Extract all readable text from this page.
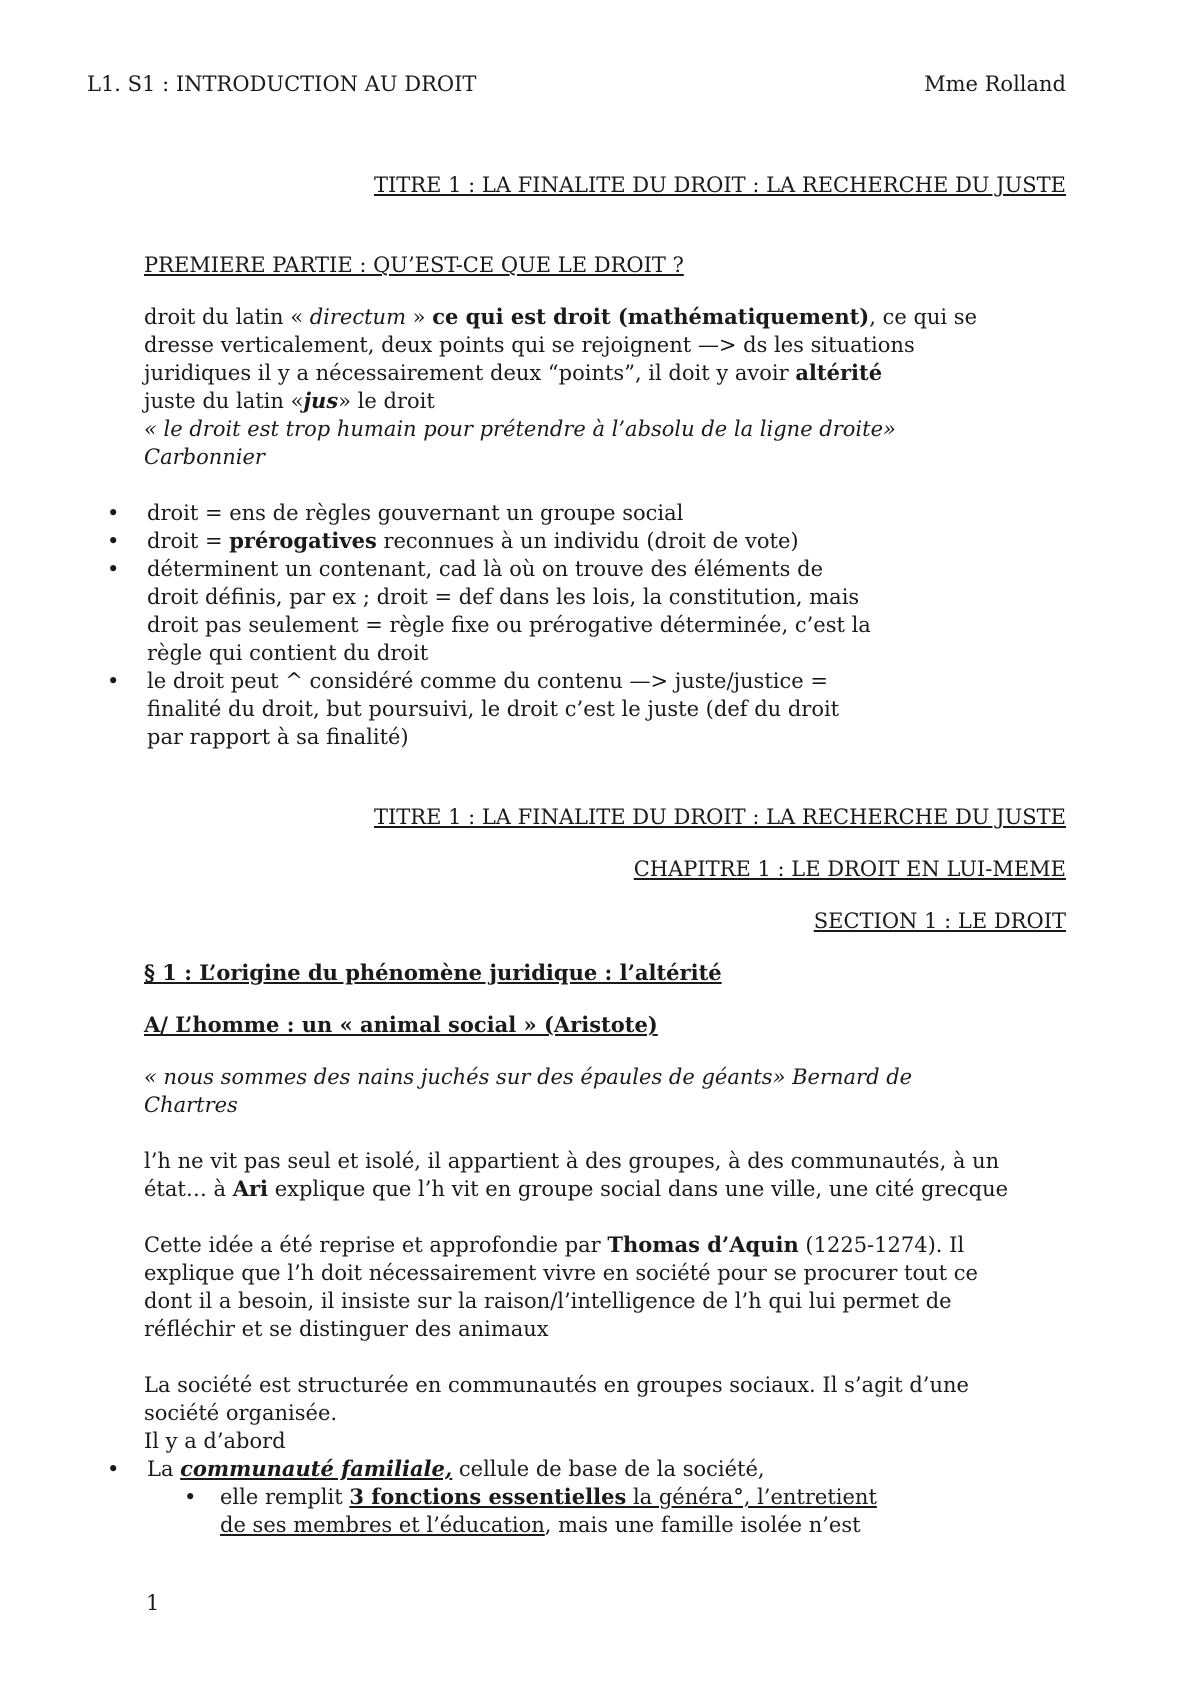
L1. S1 : INTRODUCTION AU DROIT	Mme Rolland

TITRE 1 : LA FINALITE DU DROIT : LA RECHERCHE DU JUSTE

PREMIERE PARTIE : QU’EST-CE QUE LE DROIT ?

droit du latin « directum » ce qui est droit (mathématiquement), ce qui se

dresse verticalement, deux points qui se rejoignent —> ds les situations

juridiques il y a nécessairement deux “points”, il doit y avoir altérité

juste du latin «jus» le droit

« le droit est trop humain pour prétendre à l’absolu de la ligne droite»

Carbonnier

• droit = ens de règles gouvernant un groupe social
• droit = prérogatives reconnues à un individu (droit de vote)
• déterminent un contenant, cad là où on trouve des éléments de
droit définis, par ex ; droit = def dans les lois, la constitution, mais
droit pas seulement = règle fixe ou prérogative déterminée, c’est la
règle qui contient du droit
• le droit peut ^ considéré comme du contenu —> juste/justice =
finalité du droit, but poursuivi, le droit c’est le juste (def du droit
par rapport à sa finalité)

TITRE 1 : LA FINALITE DU DROIT : LA RECHERCHE DU JUSTE

CHAPITRE 1 : LE DROIT EN LUI-MEME

SECTION 1 : LE DROIT

§ 1 : L’origine du phénomène juridique : l’altérité

A/ L’homme : un « animal social » (Aristote)

« nous sommes des nains juchés sur des épaules de géants» Bernard de

Chartres

l’h ne vit pas seul et isolé, il appartient à des groupes, à des communautés, à un

état… à Ari explique que l’h vit en groupe social dans une ville, une cité grecque

Cette idée a été reprise et approfondie par Thomas d’Aquin (1225-1274). Il

explique que l’h doit nécessairement vivre en société pour se procurer tout ce

dont il a besoin, il insiste sur la raison/l’intelligence de l’h qui lui permet de

réfléchir et se distinguer des animaux

La société est structurée en communautés en groupes sociaux. Il s’agit d’une

société organisée.

Il y a d’abord

• La communauté familiale, cellule de base de la société,
• elle remplit 3 fonctions essentielles la généra°, l’entretient
de ses membres et l’éducation, mais une famille isolée n’est
1
